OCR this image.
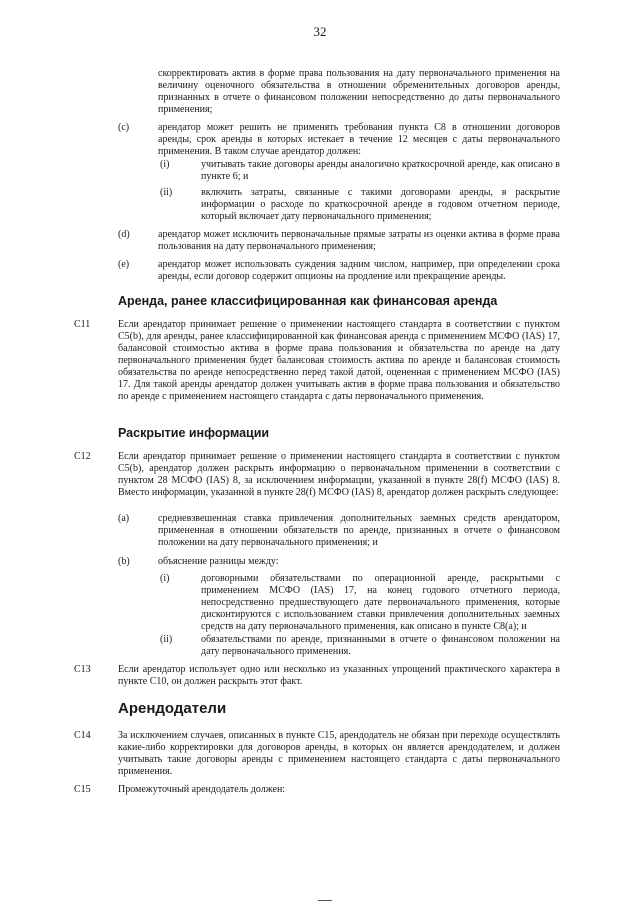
32
скорректировать актив в форме права пользования на дату первоначального применения на величину оценочного обязательства в отношении обременительных договоров аренды, признанных в отчете о финансовом положении непосредственно до даты первоначального применения;
(c)	арендатор может решить не применять требования пункта C8 в отношении договоров аренды, срок аренды в которых истекает в течение 12 месяцев с даты первоначального применения. В таком случае арендатор должен:
(i)	учитывать такие договоры аренды аналогично краткосрочной аренде, как описано в пункте 6; и
(ii)	включить затраты, связанные с такими договорами аренды, в раскрытие информации о расходе по краткосрочной аренде в годовом отчетном периоде, который включает дату первоначального применения;
(d)	арендатор может исключить первоначальные прямые затраты из оценки актива в форме права пользования на дату первоначального применения;
(e)	арендатор может использовать суждения задним числом, например, при определении срока аренды, если договор содержит опционы на продление или прекращение аренды.
Аренда, ранее классифицированная как финансовая аренда
C11	Если арендатор принимает решение о применении настоящего стандарта в соответствии с пунктом C5(b), для аренды, ранее классифицированной как финансовая аренда с применением МСФО (IAS) 17, балансовой стоимостью актива в форме права пользования и обязательства по аренде на дату первоначального применения будет балансовая стоимость актива по аренде и балансовая стоимость обязательства по аренде непосредственно перед такой датой, оцененная с применением МСФО (IAS) 17. Для такой аренды арендатор должен учитывать актив в форме права пользования и обязательство по аренде с применением настоящего стандарта с даты первоначального применения.
Раскрытие информации
C12	Если арендатор принимает решение о применении настоящего стандарта в соответствии с пунктом C5(b), арендатор должен раскрыть информацию о первоначальном применении в соответствии с пунктом 28 МСФО (IAS) 8, за исключением информации, указанной в пункте 28(f) МСФО (IAS) 8. Вместо информации, указанной в пункте 28(f) МСФО (IAS) 8, арендатор должен раскрыть следующее:
(a)	средневзвешенная ставка привлечения дополнительных заемных средств арендатором, примененная в отношении обязательств по аренде, признанных в отчете о финансовом положении на дату первоначального применения; и
(b)	объяснение разницы между:
(i)	договорными обязательствами по операционной аренде, раскрытыми с применением МСФО (IAS) 17, на конец годового отчетного периода, непосредственно предшествующего дате первоначального применения, которые дисконтируются с использованием ставки привлечения дополнительных заемных средств на дату первоначального применения, как описано в пункте C8(a); и
(ii)	обязательствами по аренде, признанными в отчете о финансовом положении на дату первоначального применения.
C13	Если арендатор использует одно или несколько из указанных упрощений практического характера в пункте C10, он должен раскрыть этот факт.
Арендодатели
C14	За исключением случаев, описанных в пункте C15, арендодатель не обязан при переходе осуществлять какие-либо корректировки для договоров аренды, в которых он является арендодателем, и должен учитывать такие договоры аренды с применением настоящего стандарта с даты первоначального применения.
C15	Промежуточный арендодатель должен:
